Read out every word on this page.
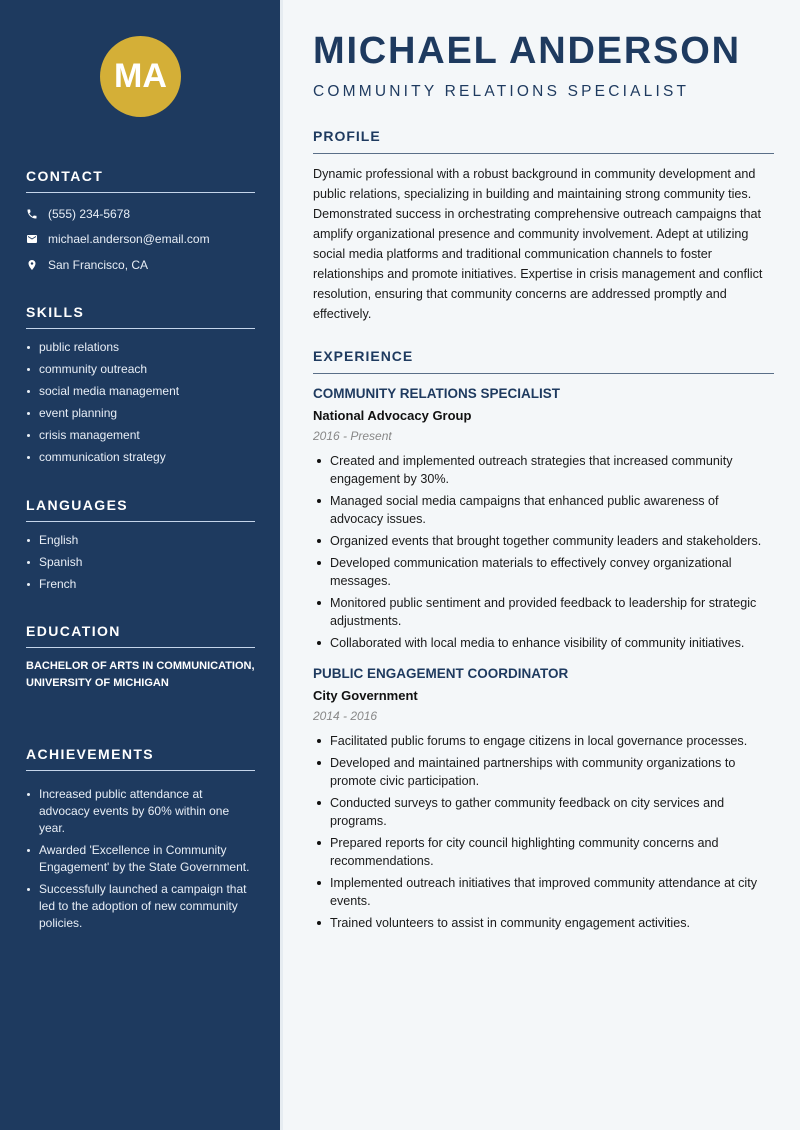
MA
CONTACT
(555) 234-5678
michael.anderson@email.com
San Francisco, CA
SKILLS
public relations
community outreach
social media management
event planning
crisis management
communication strategy
LANGUAGES
English
Spanish
French
EDUCATION

BACHELOR OF ARTS IN COMMUNICATION, UNIVERSITY OF MICHIGAN

ACHIEVEMENTS
Increased public attendance at advocacy events by 60% within one year.
Awarded 'Excellence in Community Engagement' by the State Government.
Successfully launched a campaign that led to the adoption of new community policies.
MICHAEL ANDERSON
COMMUNITY RELATIONS SPECIALIST
PROFILE

Dynamic professional with a robust background in community development and public relations, specializing in building and maintaining strong community ties. Demonstrated success in orchestrating comprehensive outreach campaigns that amplify organizational presence and community involvement. Adept at utilizing social media platforms and traditional communication channels to foster relationships and promote initiatives. Expertise in crisis management and conflict resolution, ensuring that community concerns are addressed promptly and effectively.

EXPERIENCE
COMMUNITY RELATIONS SPECIALIST
National Advocacy Group
2016 - Present
Created and implemented outreach strategies that increased community engagement by 30%.
Managed social media campaigns that enhanced public awareness of advocacy issues.
Organized events that brought together community leaders and stakeholders.
Developed communication materials to effectively convey organizational messages.
Monitored public sentiment and provided feedback to leadership for strategic adjustments.
Collaborated with local media to enhance visibility of community initiatives.
PUBLIC ENGAGEMENT COORDINATOR
City Government
2014 - 2016
Facilitated public forums to engage citizens in local governance processes.
Developed and maintained partnerships with community organizations to promote civic participation.
Conducted surveys to gather community feedback on city services and programs.
Prepared reports for city council highlighting community concerns and recommendations.
Implemented outreach initiatives that improved community attendance at city events.
Trained volunteers to assist in community engagement activities.
